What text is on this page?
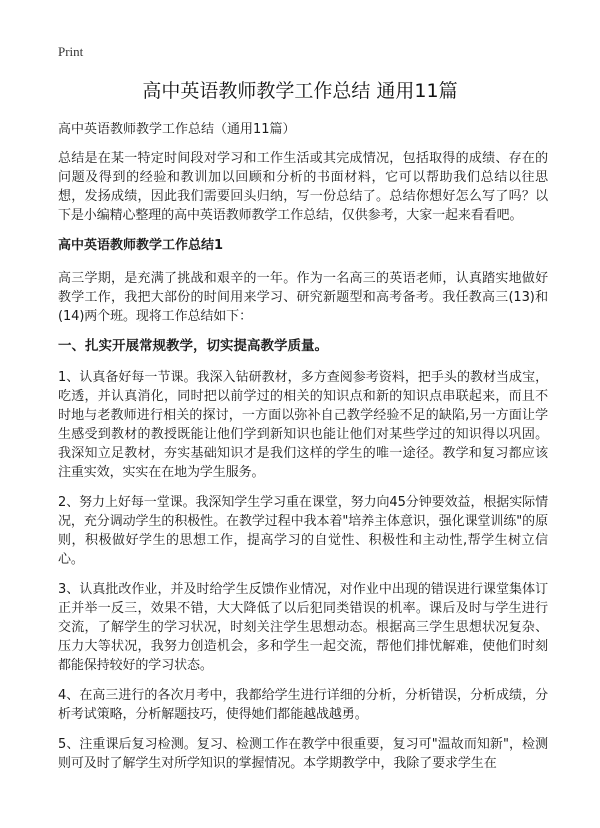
Print
高中英语教师教学工作总结 通用11篇

高中英语教师教学工作总结（通用11篇）

总结是在某一特定时间段对学习和工作生活或其完成情况，包括取得的成绩、存在的问题及得到的经验和教训加以回顾和分析的书面材料，它可以帮助我们总结以往思想，发扬成绩，因此我们需要回头归纳，写一份总结了。总结你想好怎么写了吗？以下是小编精心整理的高中英语教师教学工作总结，仅供参考，大家一起来看看吧。

高中英语教师教学工作总结1

高三学期，是充满了挑战和艰辛的一年。作为一名高三的英语老师，认真踏实地做好教学工作，我把大部份的时间用来学习、研究新题型和高考备考。我任教高三(13)和(14)两个班。现将工作总结如下：

一、扎实开展常规教学，切实提高教学质量。

1、认真备好每一节课。我深入钻研教材，多方查阅参考资料，把手头的教材当成宝，吃透，并认真消化，同时把以前学过的相关的知识点和新的知识点串联起来，而且不时地与老教师进行相关的探讨，一方面以弥补自己教学经验不足的缺陷,另一方面让学生感受到教材的教授既能让他们学到新知识也能让他们对某些学过的知识得以巩固。我深知立足教材，夯实基础知识才是我们这样的学生的唯一途径。教学和复习都应该注重实效，实实在在地为学生服务。

2、努力上好每一堂课。我深知学生学习重在课堂，努力向45分钟要效益，根据实际情况，充分调动学生的积极性。在教学过程中我本着"培养主体意识，强化课堂训练"的原则，积极做好学生的思想工作，提高学习的自觉性、积极性和主动性,帮学生树立信心。

3、认真批改作业，并及时给学生反馈作业情况，对作业中出现的错误进行课堂集体订正并举一反三，效果不错，大大降低了以后犯同类错误的机率。课后及时与学生进行交流，了解学生的学习状况，时刻关注学生思想动态。根据高三学生思想状况复杂、压力大等状况，我努力创造机会，多和学生一起交流，帮他们排忧解难，使他们时刻都能保持较好的学习状态。

4、在高三进行的各次月考中，我都给学生进行详细的分析，分析错误，分析成绩，分析考试策略，分析解题技巧，使得她们都能越战越勇。

5、注重课后复习检测。复习、检测工作在教学中很重要，复习可"温故而知新"，检测则可及时了解学生对所学知识的掌握情况。本学期教学中，我除了要求学生在
